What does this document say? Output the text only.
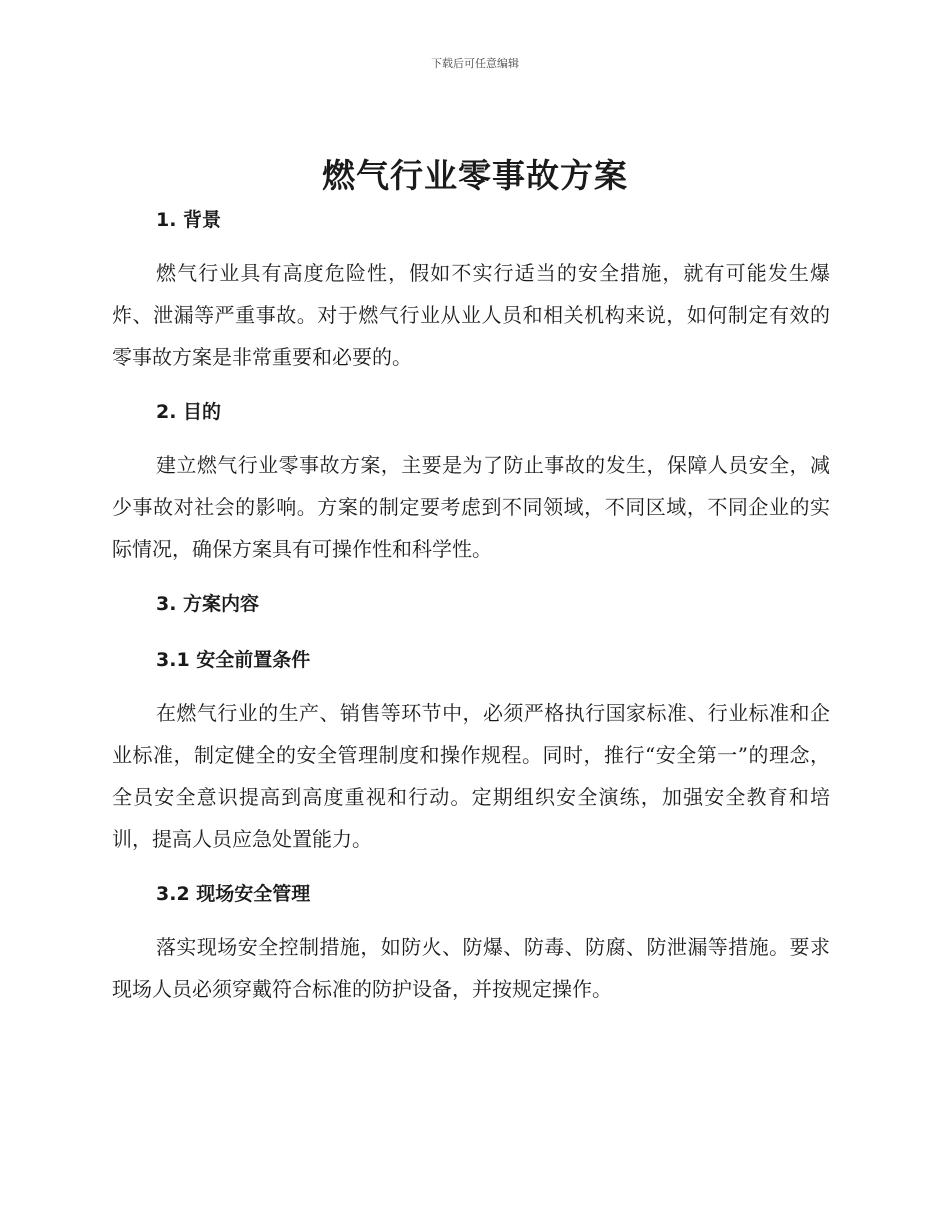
下载后可任意编辑
燃气行业零事故方案
1. 背景

燃气行业具有高度危险性，假如不实行适当的安全措施，就有可能发生爆炸、泄漏等严重事故。对于燃气行业从业人员和相关机构来说，如何制定有效的零事故方案是非常重要和必要的。

2. 目的

建立燃气行业零事故方案，主要是为了防止事故的发生，保障人员安全，减少事故对社会的影响。方案的制定要考虑到不同领域，不同区域，不同企业的实际情况，确保方案具有可操作性和科学性。

3. 方案内容
3.1 安全前置条件

在燃气行业的生产、销售等环节中，必须严格执行国家标准、行业标准和企业标准，制定健全的安全管理制度和操作规程。同时，推行“安全第一”的理念，全员安全意识提高到高度重视和行动。定期组织安全演练，加强安全教育和培训，提高人员应急处置能力。

3.2 现场安全管理

落实现场安全控制措施，如防火、防爆、防毒、防腐、防泄漏等措施。要求现场人员必须穿戴符合标准的防护设备，并按规定操作。
